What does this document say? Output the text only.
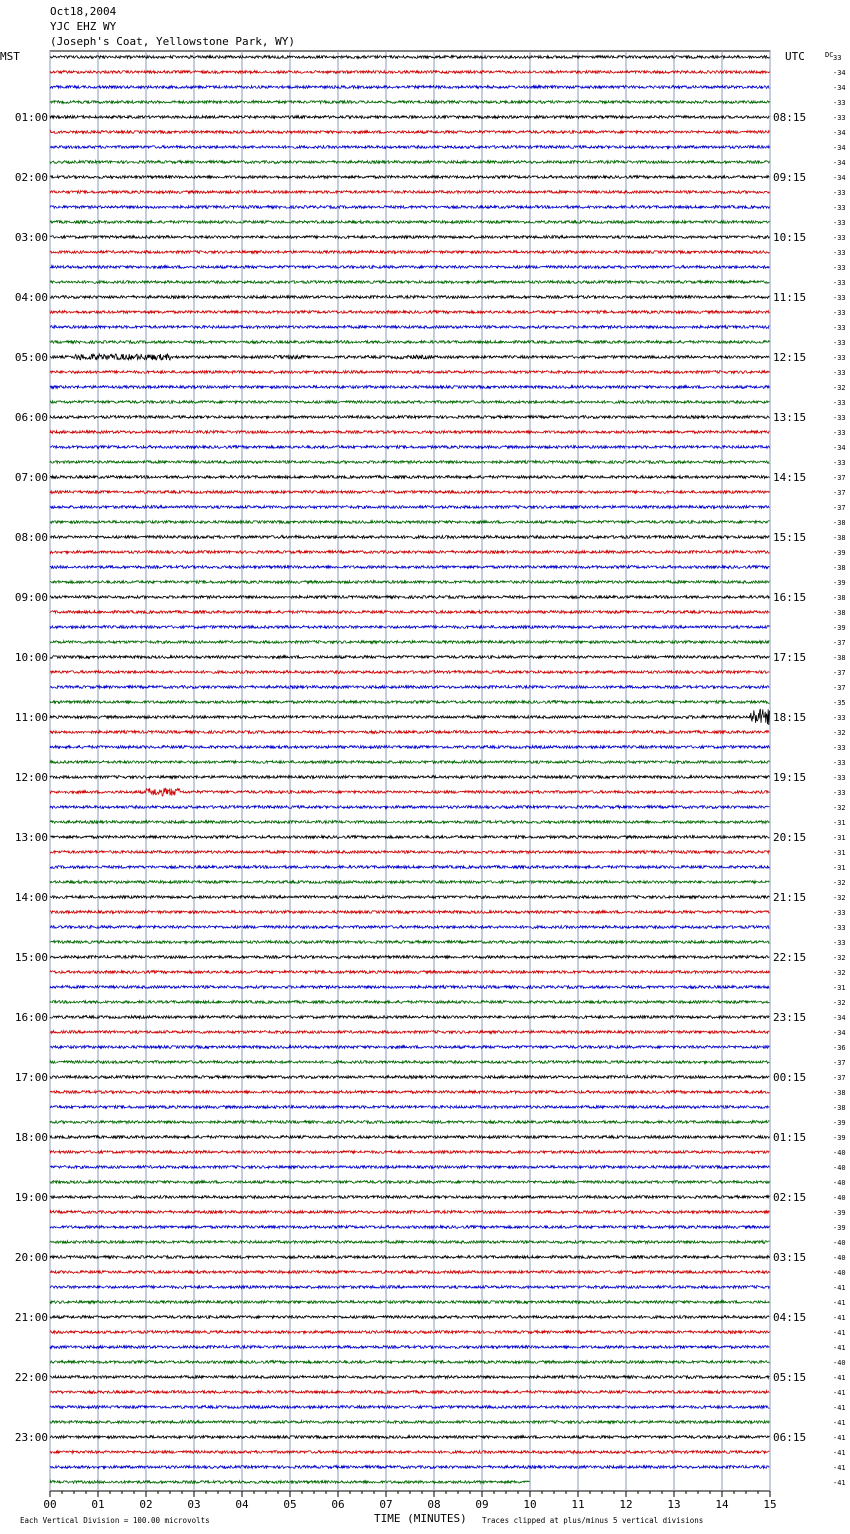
Oct18,2004
YJC EHZ WY
(Joseph's Coat, Yellowstone Park, WY)
MST	UTC	DC
00	01	02	03	04	05	06	07	08	09	10	11	12	13	14	15
33
-34
-34
-33
-33
-34
-34
-34
-34
-33
-33
-33
-33
-33
-33
-33
-33
-33
-33
-33
-33
-33
-32
-33
-33
-33
-34
-33
-37
-37
-37
-38
-38
-39
-38
-39
-38
-38
-39
-37
-38
-37
-37
-35
-33
-32
-33
-33
-33
-33
-32
-31
-31
-31
-31
-32
-32
-33
-33
-33
-32
-32
-31
-32
-34
-34
-36
-37
-37
-38
-38
-39
-39
-40
-40
-40
-40
-39
-39
-40
-40
-40
-41
-41
-41
-41
-41
-40
-41
-41
-41
-41
-41
-41
-41
-41
01:00	08:15
02:00	09:15
03:00	10:15
04:00	11:15
05:00	12:15
06:00	13:15
07:00	14:15
08:00	15:15
09:00	16:15
10:00	17:15
11:00	18:15
12:00	19:15
13:00	20:15
14:00	21:15
15:00	22:15
16:00	23:15
17:00	00:15
18:00	01:15
19:00	02:15
20:00	03:15
21:00	04:15
22:00	05:15
23:00	06:15
Each Vertical Division = 100.00 microvolts	TIME (MINUTES) Traces clipped at plus/minus 5 vertical divisions
